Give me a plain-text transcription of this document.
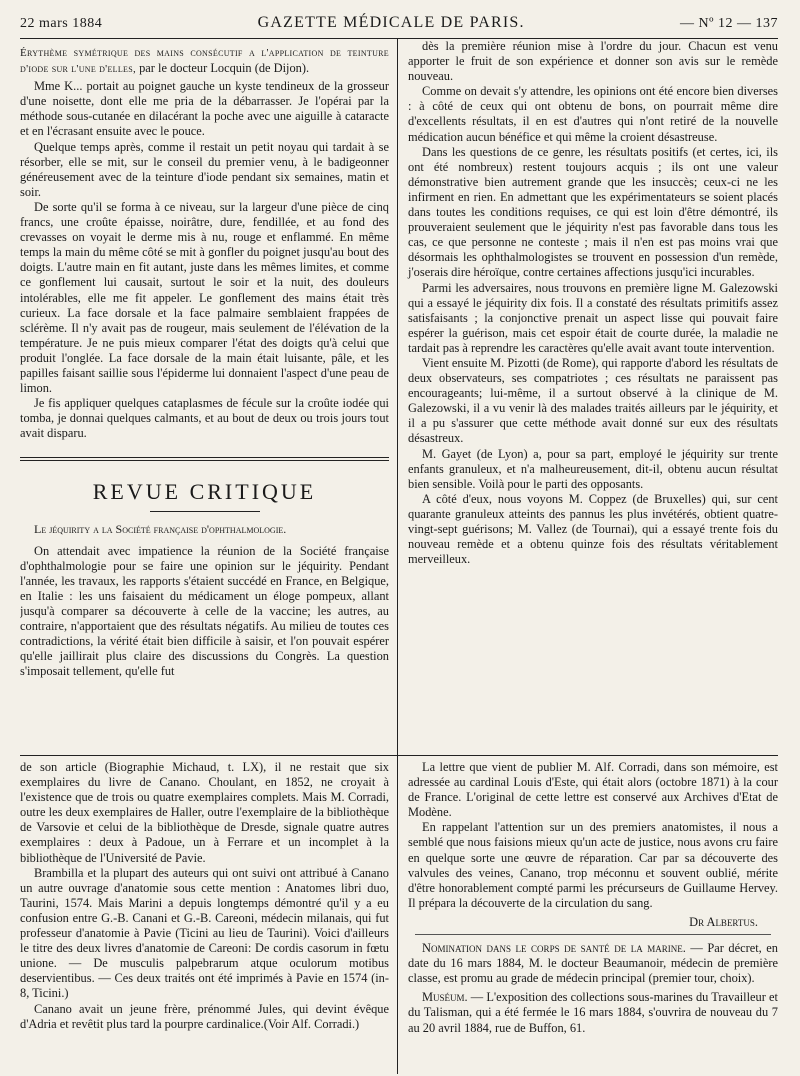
22 mars 1884	GAZETTE MÉDICALE DE PARIS.	— Nº 12 — 137

Érythème symétrique des mains consécutif a l'application de teinture d'iode sur l'une d'elles, par le docteur Locquin (de Dijon).

Mme K... portait au poignet gauche un kyste tendineux de la grosseur d'une noisette, dont elle me pria de la débarrasser. Je l'opérai par la méthode sous-cutanée en dilacérant la poche avec une aiguille à cataracte et en l'écrasant ensuite avec le pouce.

Quelque temps après, comme il restait un petit noyau qui tardait à se résorber, elle se mit, sur le conseil du premier venu, à le badigeonner généreusement avec de la teinture d'iode pendant six semaines, matin et soir.

De sorte qu'il se forma à ce niveau, sur la largeur d'une pièce de cinq francs, une croûte épaisse, noirâtre, dure, fendillée, et au fond des crevasses on voyait le derme mis à nu, rouge et enflammé. En même temps la main du même côté se mit à gonfler du poignet jusqu'au bout des doigts. L'autre main en fit autant, juste dans les mêmes limites, et comme ce gonflement lui causait, surtout le soir et la nuit, des douleurs intolérables, elle me fit appeler. Le gonflement des mains était très curieux. La face dorsale et la face palmaire semblaient frappées de sclérème. Il n'y avait pas de rougeur, mais seulement de l'élévation de la température. Je ne puis mieux comparer l'état des doigts qu'à celui que produit l'onglée. La face dorsale de la main était luisante, pâle, et les papilles faisant saillie sous l'épiderme lui donnaient l'aspect d'une peau de limon.

Je fis appliquer quelques cataplasmes de fécule sur la croûte iodée qui tomba, je donnai quelques calmants, et au bout de deux ou trois jours tout avait disparu.

REVUE CRITIQUE

Le jéquirity a la Société française d'ophthalmologie.

On attendait avec impatience la réunion de la Société française d'ophthalmologie pour se faire une opinion sur le jéquirity. Pendant l'année, les travaux, les rapports s'étaient succédé en France, en Belgique, en Italie : les uns faisaient du médicament un éloge pompeux, allant jusqu'à comparer sa découverte à celle de la vaccine; les autres, au contraire, n'apportaient que des résultats négatifs. Au milieu de toutes ces contradictions, la vérité était bien difficile à saisir, et l'on pouvait espérer qu'elle jaillirait plus claire des discussions du Congrès. La question s'imposait tellement, qu'elle fut

dès la première réunion mise à l'ordre du jour. Chacun est venu apporter le fruit de son expérience et donner son avis sur le remède nouveau.

Comme on devait s'y attendre, les opinions ont été encore bien diverses : à côté de ceux qui ont obtenu de bons, on pourrait même dire d'excellents résultats, il en est d'autres qui n'ont retiré de la nouvelle médication aucun bénéfice et qui même la croient désastreuse.

Dans les questions de ce genre, les résultats positifs (et certes, ici, ils ont été nombreux) restent toujours acquis ; ils ont une valeur démonstrative bien autrement grande que les insuccès; ceux-ci ne les infirment en rien. En admettant que les expérimentateurs se soient placés dans toutes les conditions requises, ce qui est loin d'être démontré, ils prouveraient seulement que le jéquirity n'est pas favorable dans tous les cas, ce que personne ne conteste ; mais il n'en est pas moins vrai que désormais les ophthalmologistes se trouvent en possession d'un remède, j'oserais dire héroïque, contre certaines affections jusqu'ici incurables.

Parmi les adversaires, nous trouvons en première ligne M. Galezowski qui a essayé le jéquirity dix fois. Il a constaté des résultats primitifs assez satisfaisants ; la conjonctive prenait un aspect lisse qui pouvait faire espérer la guérison, mais cet espoir était de courte durée, la maladie ne tardait pas à reprendre les caractères qu'elle avait avant toute intervention.

Vient ensuite M. Pizotti (de Rome), qui rapporte d'abord les résultats de deux observateurs, ses compatriotes ; ces résultats ne paraissent pas encourageants; lui-même, il a surtout observé à la clinique de M. Galezowski, il a vu venir là des malades traités ailleurs par le jéquirity, et il a pu s'assurer que cette méthode avait donné sur eux des résultats désastreux.

M. Gayet (de Lyon) a, pour sa part, employé le jéquirity sur trente enfants granuleux, et n'a malheureusement, dit-il, obtenu aucun résultat bien sensible. Voilà pour le parti des opposants.

A côté d'eux, nous voyons M. Coppez (de Bruxelles) qui, sur cent quarante granuleux atteints des pannus les plus invétérés, obtient quatre-vingt-sept guérisons; M. Vallez (de Tournai), qui a essayé trente fois du nouveau remède et a obtenu quinze fois des résultats véritablement merveilleux.

de son article (Biographie Michaud, t. LX), il ne restait que six exemplaires du livre de Canano. Choulant, en 1852, ne croyait à l'existence que de trois ou quatre exemplaires complets. Mais M. Corradi, outre les deux exemplaires de Haller, outre l'exemplaire de la bibliothèque de Varsovie et celui de la bibliothèque de Dresde, signale quatre autres exemplaires : deux à Padoue, un à Ferrare et un incomplet à la bibliothèque de l'Université de Pavie.

Brambilla et la plupart des auteurs qui ont suivi ont attribué à Canano un autre ouvrage d'anatomie sous cette mention : Anatomes libri duo, Taurini, 1574. Mais Marini a depuis longtemps démontré qu'il y a eu confusion entre G.-B. Canani et G.-B. Careoni, médecin milanais, qui fut professeur d'anatomie à Pavie (Ticini au lieu de Taurini). Voici d'ailleurs le titre des deux livres d'anatomie de Careoni: De cordis casorum in fœtu unione. — De musculis palpebrarum atque oculorum motibus deservientibus. — Ces deux traités ont été imprimés à Pavie en 1574 (in-8, Ticini.)

Canano avait un jeune frère, prénommé Jules, qui devint évêque d'Adria et revêtit plus tard la pourpre cardinalice.(Voir Alf. Corradi.)

La lettre que vient de publier M. Alf. Corradi, dans son mémoire, est adressée au cardinal Louis d'Este, qui était alors (octobre 1871) à la cour de France. L'original de cette lettre est conservé aux Archives d'Etat de Modène.

En rappelant l'attention sur un des premiers anatomistes, il nous a semblé que nous faisions mieux qu'un acte de justice, nous avons cru faire en quelque sorte une œuvre de réparation. Car par sa découverte des valvules des veines, Canano, trop méconnu et souvent oublié, mérite d'être honorablement compté parmi les précurseurs de Guillaume Hervey. Il prépara la découverte de la circulation du sang.

Dr Albertus.

Nomination dans le corps de santé de la marine. — Par décret, en date du 16 mars 1884, M. le docteur Beaumanoir, médecin de première classe, est promu au grade de médecin principal (premier tour, choix).

Muséum. — L'exposition des collections sous-marines du Travailleur et du Talisman, qui a été fermée le 16 mars 1884, s'ouvrira de nouveau du 7 au 20 avril 1884, rue de Buffon, 61.
